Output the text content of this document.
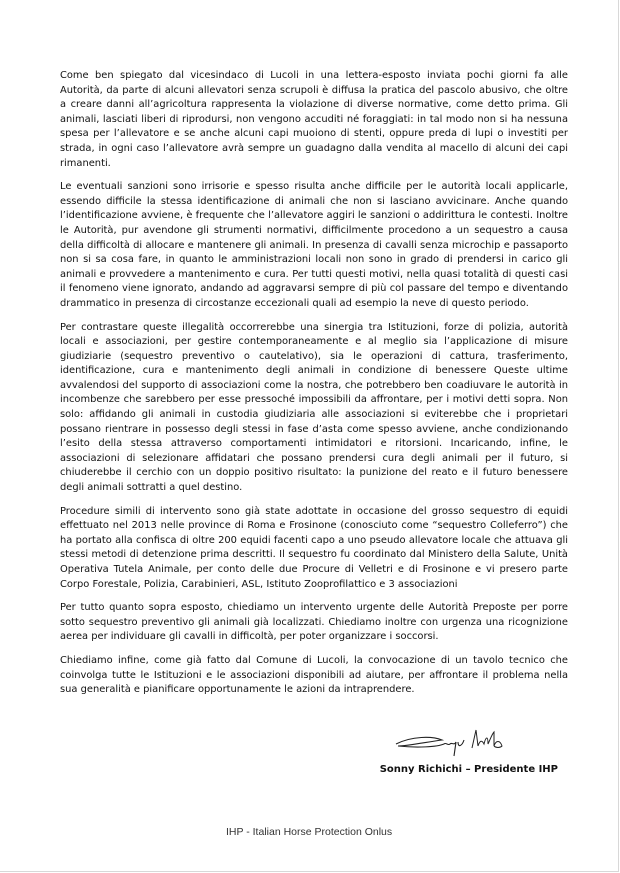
Come ben spiegato dal vicesindaco di Lucoli in una lettera-esposto inviata pochi giorni fa alle Autorità, da parte di alcuni allevatori senza scrupoli è diffusa la pratica del pascolo abusivo, che oltre a creare danni all’agricoltura rappresenta la violazione di diverse normative, come detto prima. Gli animali, lasciati liberi di riprodursi, non vengono accuditi né foraggiati: in tal modo non si ha nessuna spesa per l’allevatore e se anche alcuni capi muoiono di stenti, oppure preda di lupi o investiti per strada, in ogni caso l’allevatore avrà sempre un guadagno dalla vendita al macello di alcuni dei capi rimanenti.

Le eventuali sanzioni sono irrisorie e spesso risulta anche difficile per le autorità locali applicarle, essendo difficile la stessa identificazione di animali che non si lasciano avvicinare. Anche quando l’identificazione avviene, è frequente che l’allevatore aggiri le sanzioni o addirittura le contesti. Inoltre le Autorità, pur avendone gli strumenti normativi, difficilmente procedono a un sequestro a causa della difficoltà di allocare e mantenere gli animali. In presenza di cavalli senza microchip e passaporto non si sa cosa fare, in quanto le amministrazioni locali non sono in grado di prendersi in carico gli animali e provvedere a mantenimento e cura. Per tutti questi motivi, nella quasi totalità di questi casi il fenomeno viene ignorato, andando ad aggravarsi sempre di più col passare del tempo e diventando drammatico in presenza di circostanze eccezionali quali ad esempio la neve di questo periodo.

Per contrastare queste illegalità occorrerebbe una sinergia tra Istituzioni, forze di polizia, autorità locali e associazioni, per gestire contemporaneamente e al meglio sia l’applicazione di misure giudiziarie (sequestro preventivo o cautelativo), sia le operazioni di cattura, trasferimento, identificazione, cura e mantenimento degli animali in condizione di benessere Queste ultime avvalendosi del supporto di associazioni come la nostra, che potrebbero ben coadiuvare le autorità in incombenze che sarebbero per esse pressoché impossibili da affrontare, per i motivi detti sopra. Non solo: affidando gli animali in custodia giudiziaria alle associazioni si eviterebbe che i proprietari possano rientrare in possesso degli stessi in fase d’asta come spesso avviene, anche condizionando l’esito della stessa attraverso comportamenti intimidatori e ritorsioni. Incaricando, infine, le associazioni di selezionare affidatari che possano prendersi cura degli animali per il futuro, si chiuderebbe il cerchio con un doppio positivo risultato: la punizione del reato e il futuro benessere degli animali sottratti a quel destino.

Procedure simili di intervento sono già state adottate in occasione del grosso sequestro di equidi effettuato nel 2013 nelle province di Roma e Frosinone (conosciuto come “sequestro Colleferro”) che ha portato alla confisca di oltre 200 equidi facenti capo a uno pseudo allevatore locale che attuava gli stessi metodi di detenzione prima descritti. Il sequestro fu coordinato dal Ministero della Salute, Unità Operativa Tutela Animale, per conto delle due Procure di Velletri e di Frosinone e vi presero parte Corpo Forestale, Polizia, Carabinieri, ASL, Istituto Zooprofilattico e 3 associazioni

Per tutto quanto sopra esposto, chiediamo un intervento urgente delle Autorità Preposte per porre sotto sequestro preventivo gli animali già localizzati. Chiediamo inoltre con urgenza una ricognizione aerea per individuare gli cavalli in difficoltà, per poter organizzare i soccorsi.

Chiediamo infine, come già fatto dal Comune di Lucoli, la convocazione di un tavolo tecnico che coinvolga tutte le Istituzioni e le associazioni disponibili ad aiutare, per affrontare il problema nella sua generalità e pianificare opportunamente le azioni da intraprendere.

Sonny Richichi – Presidente IHP
IHP - Italian Horse Protection Onlus
